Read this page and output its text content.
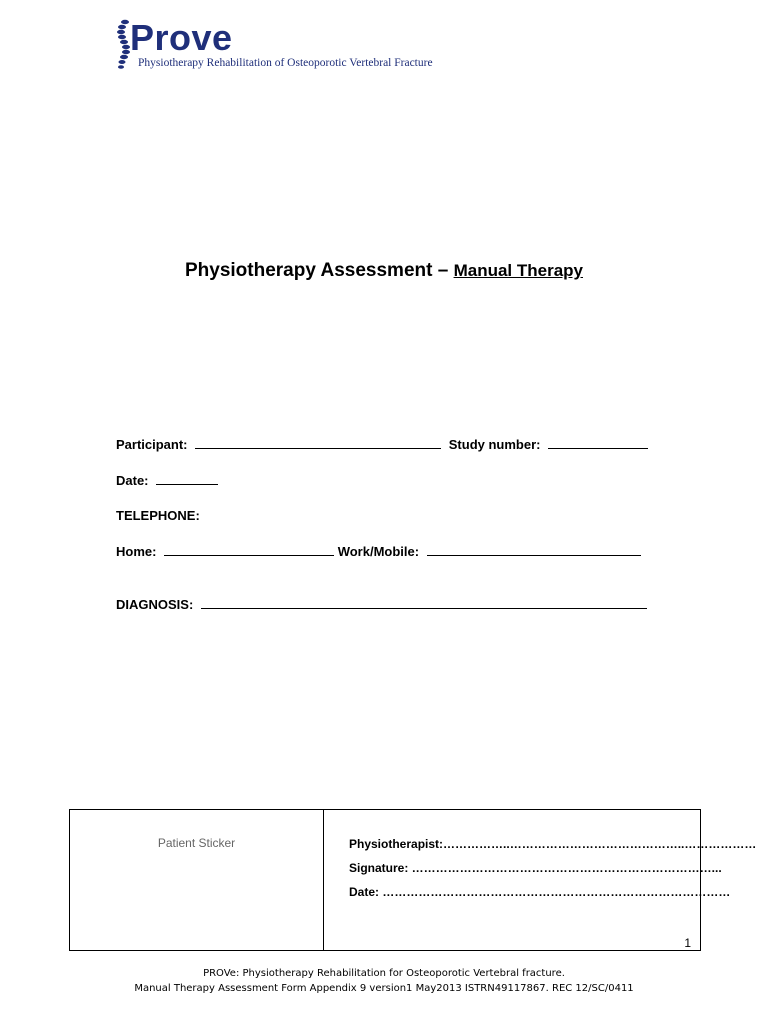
Prove
Physiotherapy Rehabilitation of Osteoporotic Vertebral Fracture
Physiotherapy Assessment – Manual Therapy
Participant:	Study number:
Date:
TELEPHONE:
Home:	Work/Mobile:
DIAGNOSIS:
Patient Sticker	Physiotherapist:……………..……………………………………..………………
Signature: …………………………………………………………………...
Date: ……………………………………………………………………………
1
PROVe: Physiotherapy Rehabilitation for Osteoporotic Vertebral fracture.
Manual Therapy Assessment Form Appendix 9 version1 May2013 ISTRN49117867. REC 12/SC/0411
